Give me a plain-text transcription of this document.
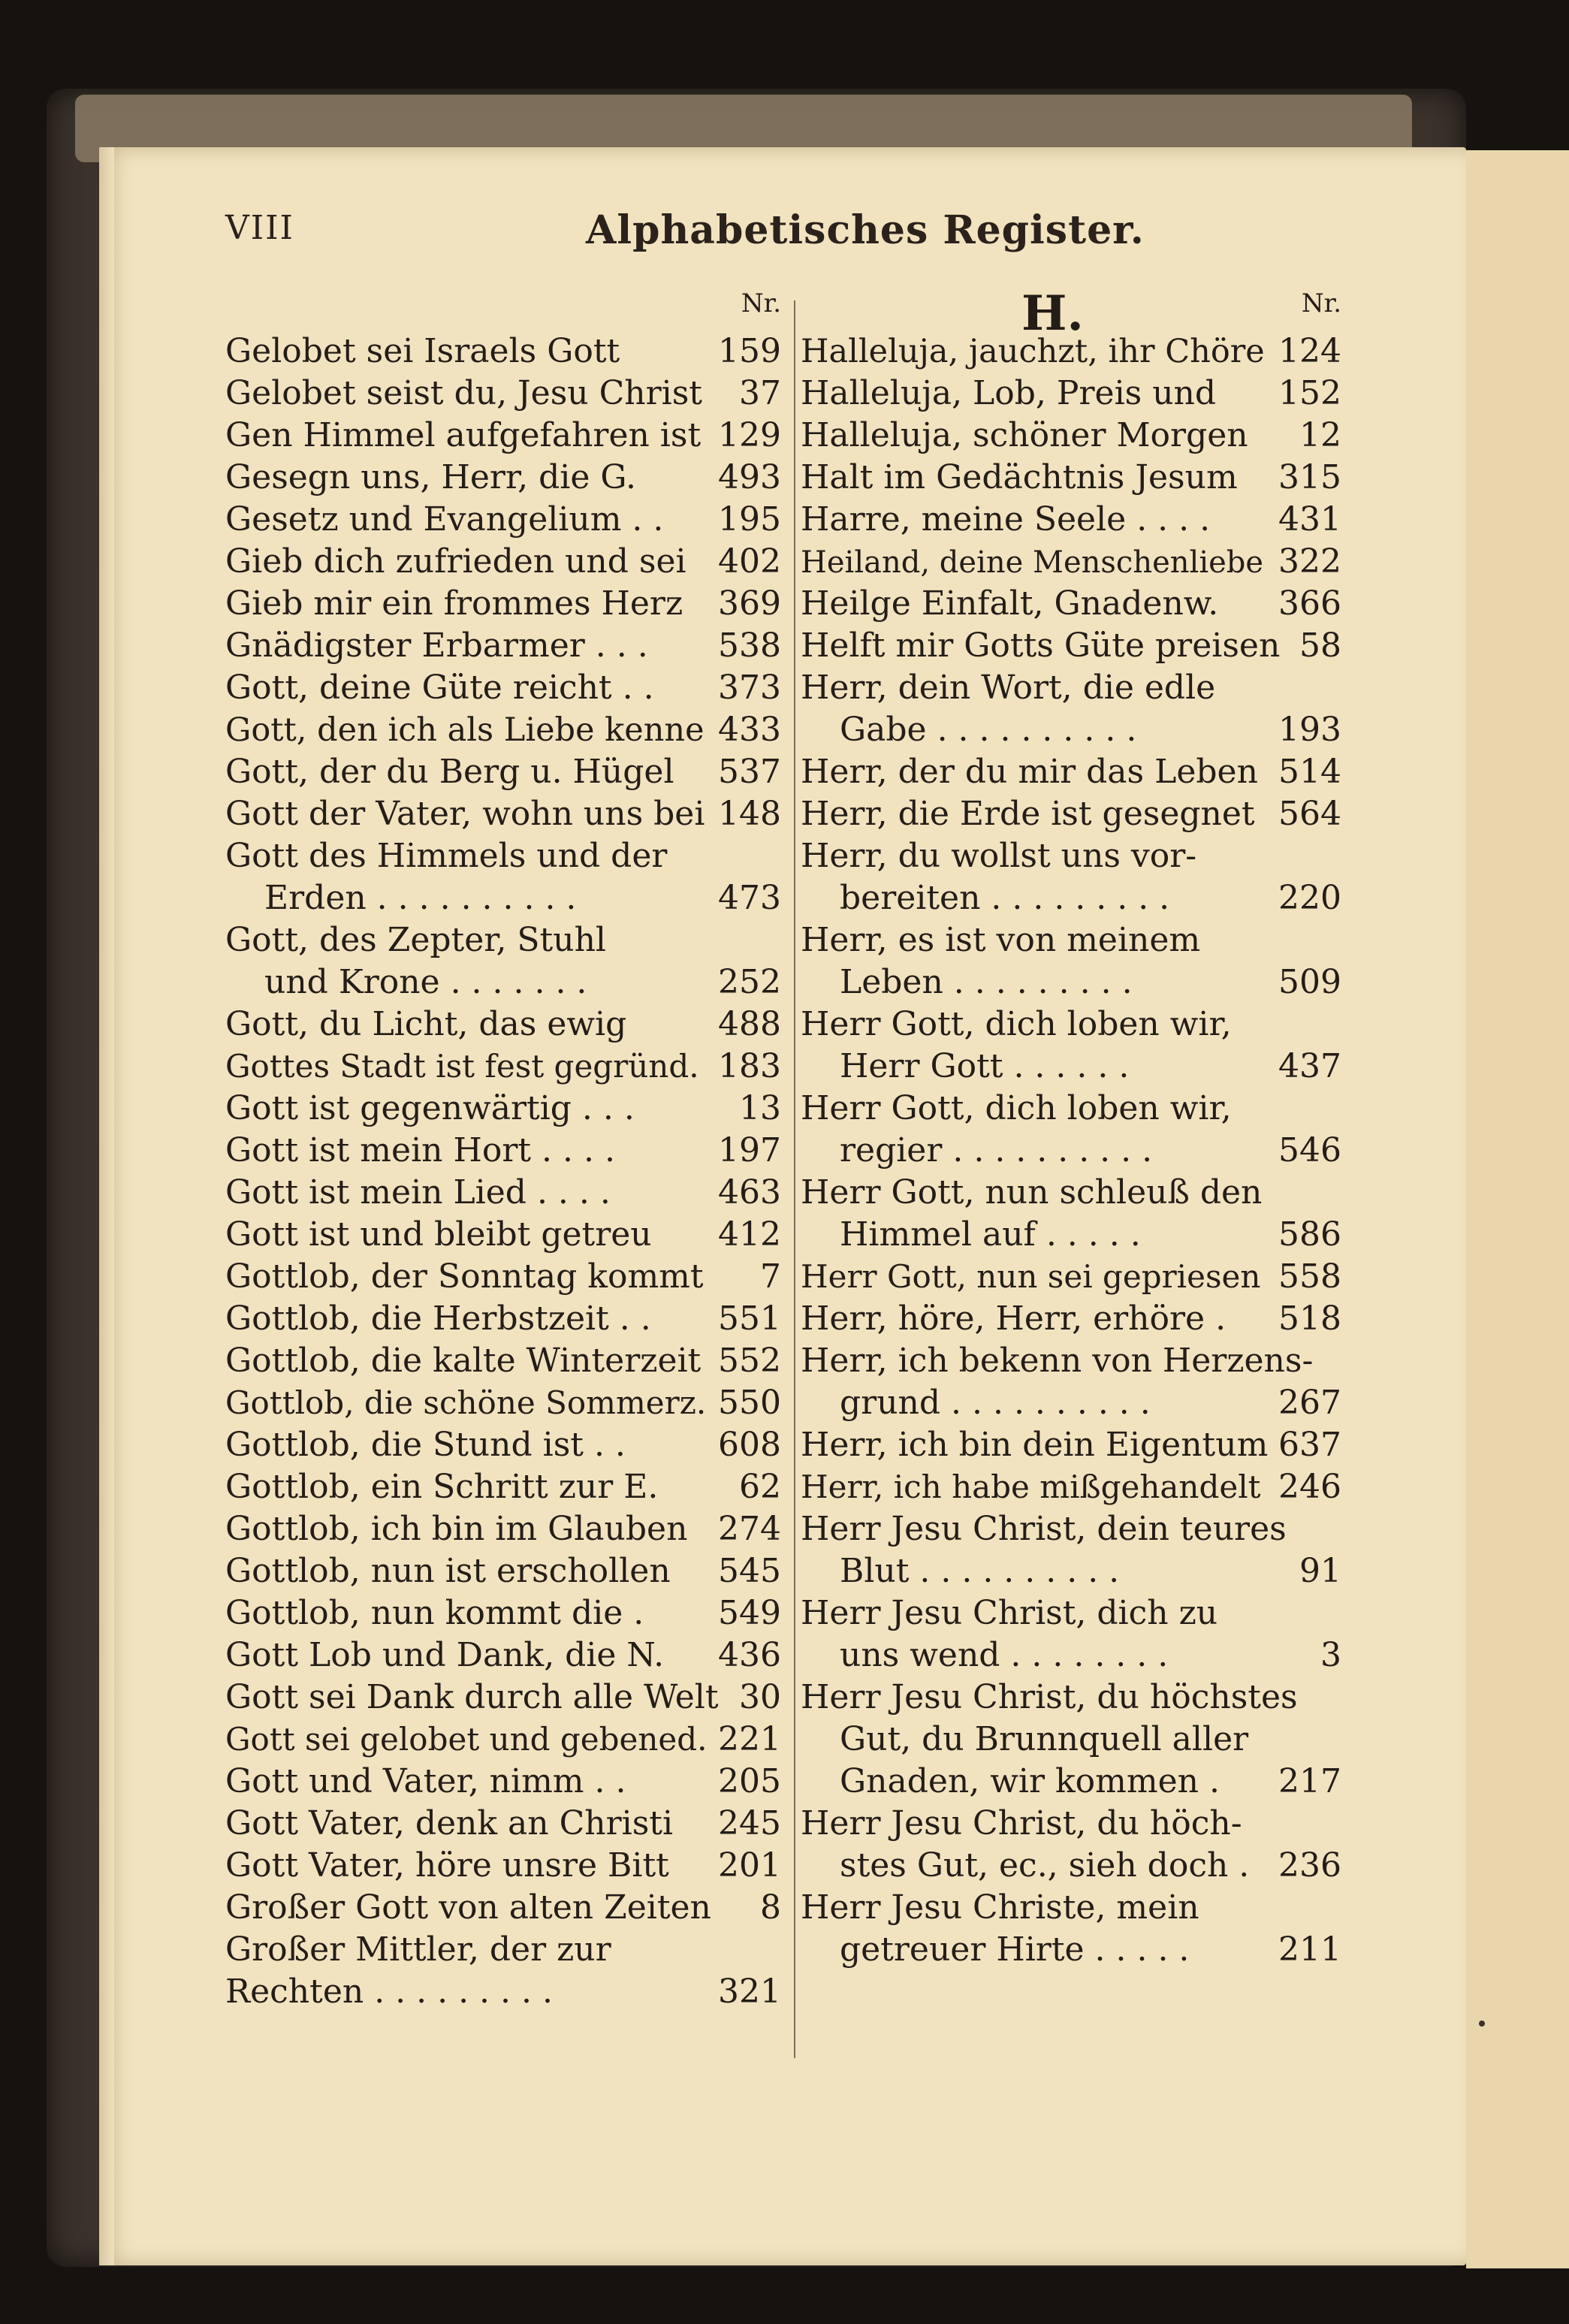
VIII	Alphabetisches Register.
H.
Nr.
Gelobet sei Israels Gott	159
Gelobet seist du, Jesu Christ 37
Gen Himmel aufgefahren ist 129
Gesegn uns, Herr, die G. 493
Gesetz und Evangelium . . 195
Gieb dich zufrieden und sei 402
Gieb mir ein frommes Herz 369
Gnädigster Erbarmer . . . 538
Gott, deine Güte reicht . . 373
Gott, den ich als Liebe kenne 433
Gott, der du Berg u. Hügel 537
Gott der Vater, wohn uns bei 148
Gott des Himmels und der
Erden . . . . . . . . . .	473
Gott, des Zepter, Stuhl
und Krone . . . . . . .	252
Gott, du Licht, das ewig	488
Gottes Stadt ist fest gegründ. 183
Gott ist gegenwärtig . . .	13
Gott ist mein Hort . . . .	197
Gott ist mein Lied . . . .	463
Gott ist und bleibt getreu 412
Gottlob, der Sonntag kommt 7
Gottlob, die Herbstzeit . . 551
Gottlob, die kalte Winterzeit 552
Gottlob, die schöne Sommerz. 550
Gottlob, die Stund ist . .	608
Gottlob, ein Schritt zur E. 62
Gottlob, ich bin im Glauben 274
Gottlob, nun ist erschollen 545
Gottlob, nun kommt die . 549
Gott Lob und Dank, die N. 436
Gott sei Dank durch alle Welt 30
Gott sei gelobet und gebened. 221
Gott und Vater, nimm . .	205
Gott Vater, denk an Christi 245
Gott Vater, höre unsre Bitt 201
Großer Gott von alten Zeiten 8
Großer Mittler, der zur
Rechten . . . . . . . . .	321
Nr.
Halleluja, jauchzt, ihr Chöre 124
Halleluja, Lob, Preis und 152
Halleluja, schöner Morgen 12
Halt im Gedächtnis Jesum 315
Harre, meine Seele . . . . 431
Heiland, deine Menschenliebe 322
Heilge Einfalt, Gnadenw. 366
Helft mir Gotts Güte preisen 58
Herr, dein Wort, die edle
Gabe . . . . . . . . . .	193
Herr, der du mir das Leben 514
Herr, die Erde ist gesegnet 564
Herr, du wollst uns vor-
bereiten . . . . . . . . .	220
Herr, es ist von meinem
Leben . . . . . . . . .	509
Herr Gott, dich loben wir,
Herr Gott . . . . . .	437
Herr Gott, dich loben wir,
regier . . . . . . . . . .	546
Herr Gott, nun schleuß den
Himmel auf . . . . .	586
Herr Gott, nun sei gepriesen 558
Herr, höre, Herr, erhöre . 518
Herr, ich bekenn von Herzens-
grund . . . . . . . . . .	267
Herr, ich bin dein Eigentum 637
Herr, ich habe mißgehandelt 246
Herr Jesu Christ, dein teures
Blut . . . . . . . . . .	91
Herr Jesu Christ, dich zu
uns wend . . . . . . . .	3
Herr Jesu Christ, du höchstes
Gut, du Brunnquell aller
Gnaden, wir kommen . 217
Herr Jesu Christ, du höch-
stes Gut, ec., sieh doch . 236
Herr Jesu Christe, mein
getreuer Hirte . . . . .	211
